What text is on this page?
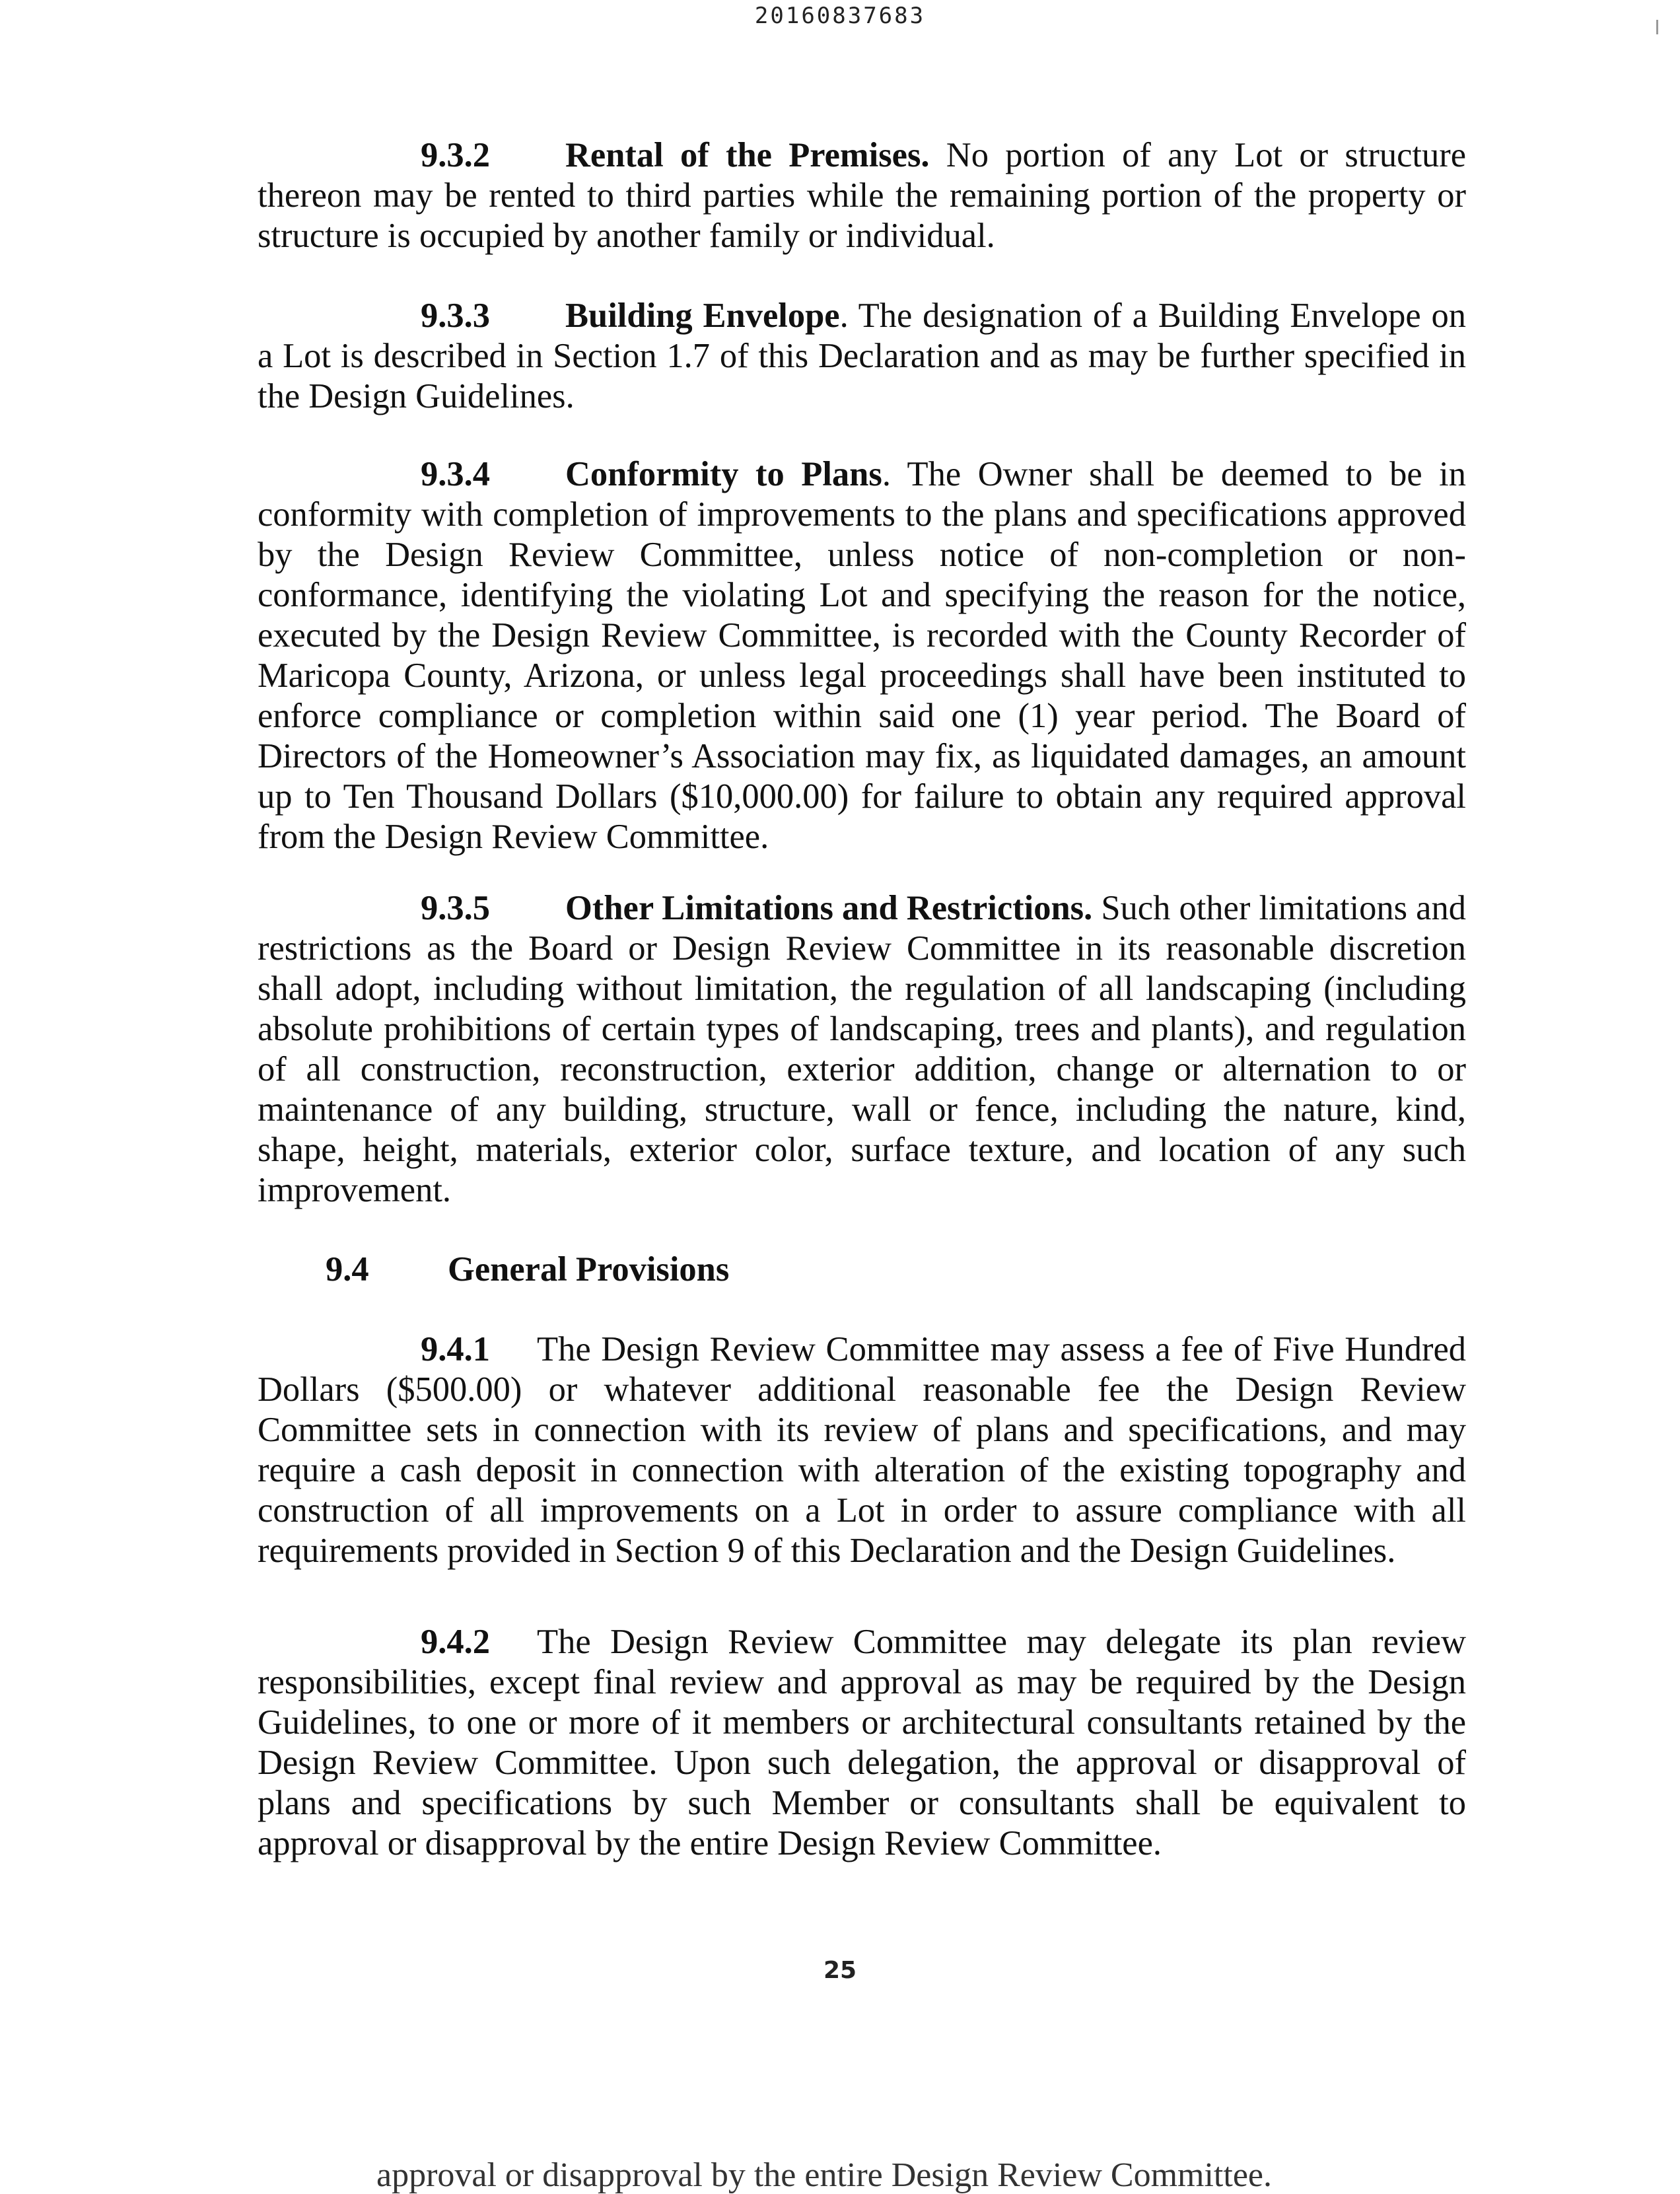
20160837683

9.3.2 Rental of the Premises. No portion of any Lot or structure thereon may be rented to third parties while the remaining portion of the property or structure is occupied by another family or individual.

9.3.3 Building Envelope. The designation of a Building Envelope on a Lot is described in Section 1.7 of this Declaration and as may be further specified in the Design Guidelines.

9.3.4 Conformity to Plans. The Owner shall be deemed to be in conformity with completion of improvements to the plans and specifications approved by the Design Review Committee, unless notice of non-completion or non-conformance, identifying the violating Lot and specifying the reason for the notice, executed by the Design Review Committee, is recorded with the County Recorder of Maricopa County, Arizona, or unless legal proceedings shall have been instituted to enforce compliance or completion within said one (1) year period. The Board of Directors of the Homeowner’s Association may fix, as liquidated damages, an amount up to Ten Thousand Dollars ($10,000.00) for failure to obtain any required approval from the Design Review Committee.

9.3.5 Other Limitations and Restrictions. Such other limitations and restrictions as the Board or Design Review Committee in its reasonable discretion shall adopt, including without limitation, the regulation of all landscaping (including absolute prohibitions of certain types of landscaping, trees and plants), and regulation of all construction, reconstruction, exterior addition, change or alternation to or maintenance of any building, structure, wall or fence, including the nature, kind, shape, height, materials, exterior color, surface texture, and location of any such improvement.

9.4 General Provisions

9.4.1 The Design Review Committee may assess a fee of Five Hundred Dollars ($500.00) or whatever additional reasonable fee the Design Review Committee sets in connection with its review of plans and specifications, and may require a cash deposit in connection with alteration of the existing topography and construction of all improvements on a Lot in order to assure compliance with all requirements provided in Section 9 of this Declaration and the Design Guidelines.

9.4.2 The Design Review Committee may delegate its plan review responsibilities, except final review and approval as may be required by the Design Guidelines, to one or more of it members or architectural consultants retained by the Design Review Committee. Upon such delegation, the approval or disapproval of plans and specifications by such Member or consultants shall be equivalent to approval or disapproval by the entire Design Review Committee.

25
approval or disapproval by the entire Design Review Committee.
